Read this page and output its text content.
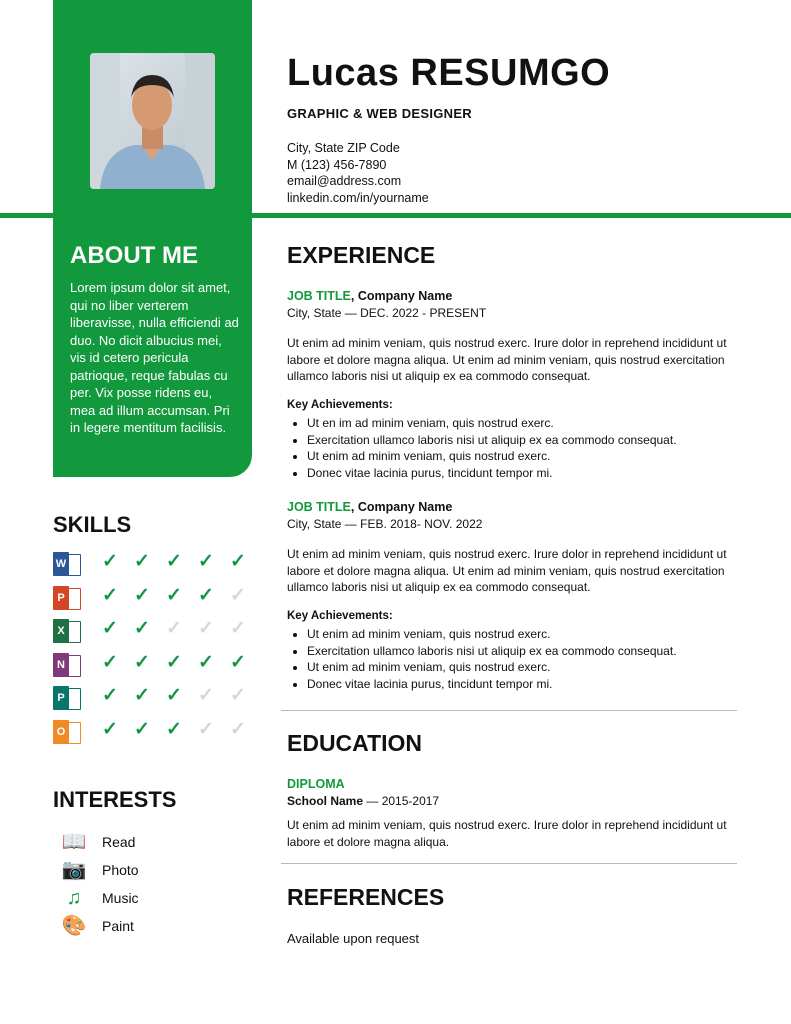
ABOUT ME

Lorem ipsum dolor sit amet, qui no liber verterem liberavisse, nulla efficiendi ad duo. No dicit albucius mei, vis id cetero pericula patrioque, reque fabulas cu per. Vix posse ridens eu, mea ad illum accumsan. Pri in legere mentitum facilisis.

SKILLS
W ✓ ✓ ✓ ✓ ✓
P ✓ ✓ ✓ ✓ ✓
X ✓ ✓ ✓ ✓ ✓
N ✓ ✓ ✓ ✓ ✓
P ✓ ✓ ✓ ✓ ✓
O ✓ ✓ ✓ ✓ ✓
INTERESTS
📖 Read
📷 Photo
♫	Music
🎨 Paint
Lucas RESUMGO
GRAPHIC & WEB DESIGNER
City, State ZIP Code
M (123) 456-7890
email@address.com
linkedin.com/in/yourname
EXPERIENCE
JOB TITLE, Company Name
City, State — DEC. 2022 - PRESENT
Ut enim ad minim veniam, quis nostrud exerc. Irure dolor in reprehend incididunt ut labore et dolore magna aliqua. Ut enim ad minim veniam, quis nostrud exercitation ullamco laboris nisi ut aliquip ex ea commodo consequat.
Key Achievements:
• Ut en im ad minim veniam, quis nostrud exerc.
• Exercitation ullamco laboris nisi ut aliquip ex ea commodo consequat.
• Ut enim ad minim veniam, quis nostrud exerc.
• Donec vitae lacinia purus, tincidunt tempor mi.
JOB TITLE, Company Name
City, State — FEB. 2018- NOV. 2022
Ut enim ad minim veniam, quis nostrud exerc. Irure dolor in reprehend incididunt ut labore et dolore magna aliqua. Ut enim ad minim veniam, quis nostrud exercitation ullamco laboris nisi ut aliquip ex ea commodo consequat.
Key Achievements:
• Ut enim ad minim veniam, quis nostrud exerc.
• Exercitation ullamco laboris nisi ut aliquip ex ea commodo consequat.
• Ut enim ad minim veniam, quis nostrud exerc.
• Donec vitae lacinia purus, tincidunt tempor mi.
EDUCATION
DIPLOMA
School Name — 2015-2017
Ut enim ad minim veniam, quis nostrud exerc. Irure dolor in reprehend incididunt ut labore et dolore magna aliqua.
REFERENCES
Available upon request
